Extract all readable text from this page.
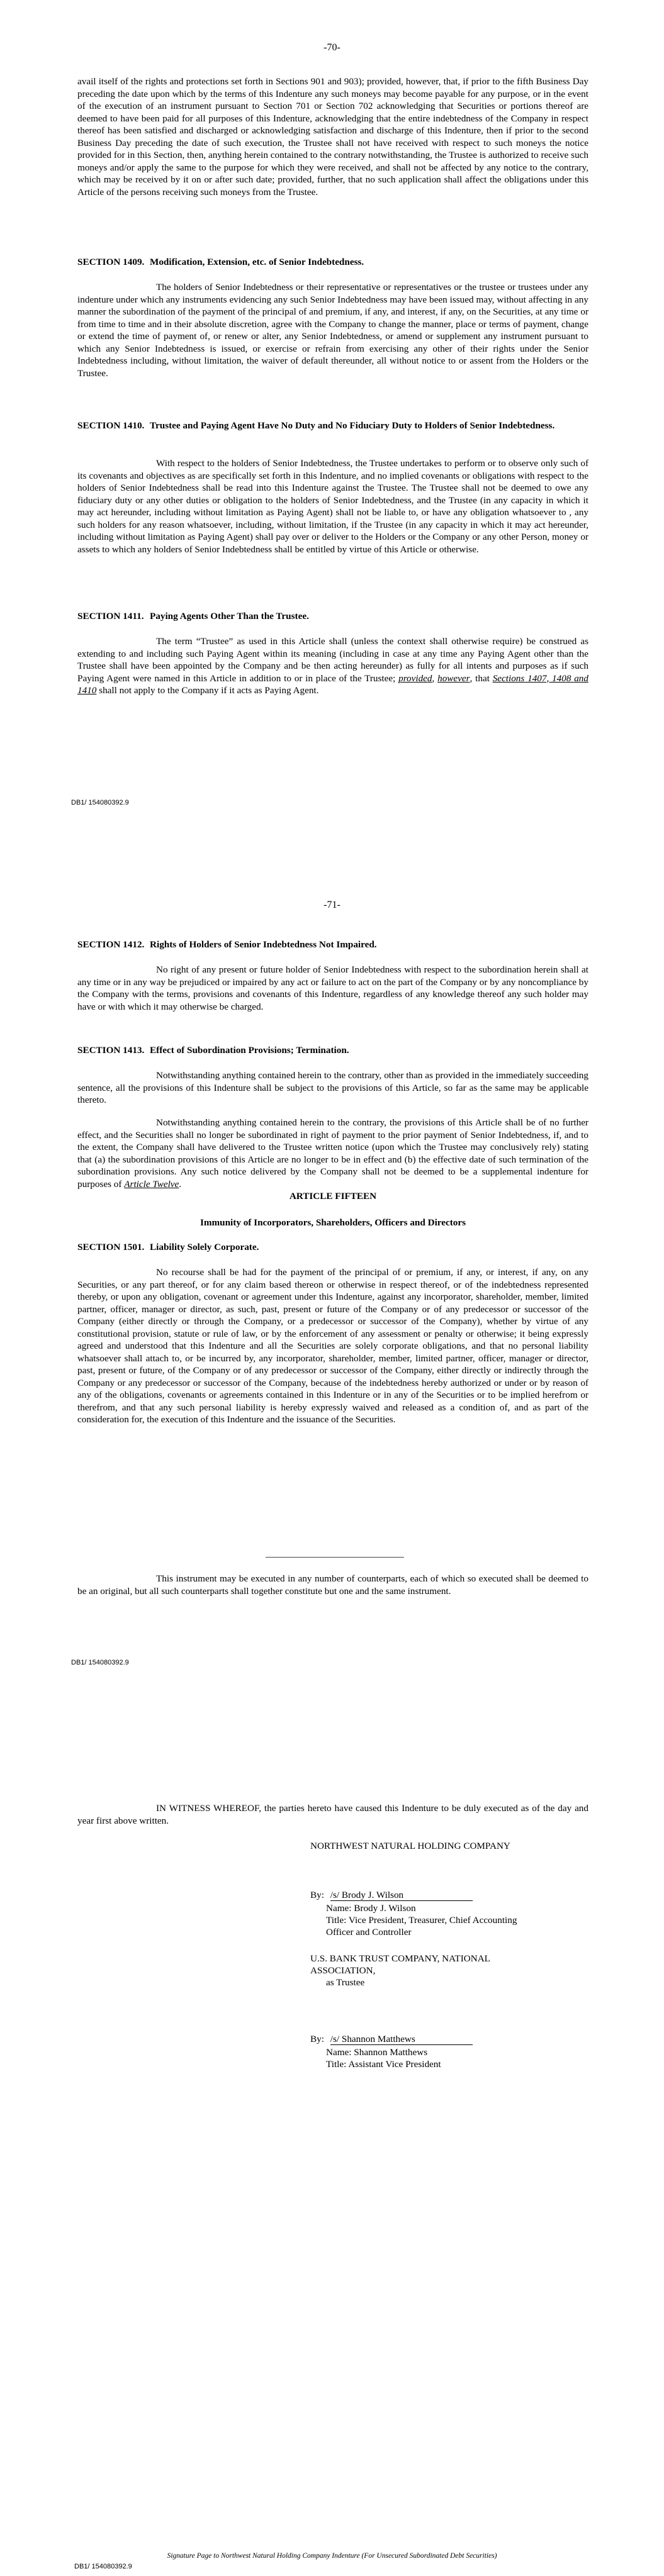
-70-

avail itself of the rights and protections set forth in Sections 901 and 903); provided, however, that, if prior to the fifth Business Day preceding the date upon which by the terms of this Indenture any such moneys may become payable for any purpose, or in the event of the execution of an instrument pursuant to Section 701 or Section 702 acknowledging that Securities or portions thereof are deemed to have been paid for all purposes of this Indenture, acknowledging that the entire indebtedness of the Company in respect thereof has been satisfied and discharged or acknowledging satisfaction and discharge of this Indenture, then if prior to the second Business Day preceding the date of such execution, the Trustee shall not have received with respect to such moneys the notice provided for in this Section, then, anything herein contained to the contrary notwithstanding, the Trustee is authorized to receive such moneys and/or apply the same to the purpose for which they were received, and shall not be affected by any notice to the contrary, which may be received by it on or after such date; provided, further, that no such application shall affect the obligations under this Article of the persons receiving such moneys from the Trustee.

SECTION 1409. Modification, Extension, etc. of Senior Indebtedness.

The holders of Senior Indebtedness or their representative or representatives or the trustee or trustees under any indenture under which any instruments evidencing any such Senior Indebtedness may have been issued may, without affecting in any manner the subordination of the payment of the principal of and premium, if any, and interest, if any, on the Securities, at any time or from time to time and in their absolute discretion, agree with the Company to change the manner, place or terms of payment, change or extend the time of payment of, or renew or alter, any Senior Indebtedness, or amend or supplement any instrument pursuant to which any Senior Indebtedness is issued, or exercise or refrain from exercising any other of their rights under the Senior Indebtedness including, without limitation, the waiver of default thereunder, all without notice to or assent from the Holders or the Trustee.

SECTION 1410. Trustee and Paying Agent Have No Duty and No Fiduciary Duty to Holders of Senior Indebtedness.

With respect to the holders of Senior Indebtedness, the Trustee undertakes to perform or to observe only such of its covenants and objectives as are specifically set forth in this Indenture, and no implied covenants or obligations with respect to the holders of Senior Indebtedness shall be read into this Indenture against the Trustee. The Trustee shall not be deemed to owe any fiduciary duty or any other duties or obligation to the holders of Senior Indebtedness, and the Trustee (in any capacity in which it may act hereunder, including without limitation as Paying Agent) shall not be liable to, or have any obligation whatsoever to , any such holders for any reason whatsoever, including, without limitation, if the Trustee (in any capacity in which it may act hereunder, including without limitation as Paying Agent) shall pay over or deliver to the Holders or the Company or any other Person, money or assets to which any holders of Senior Indebtedness shall be entitled by virtue of this Article or otherwise.

SECTION 1411. Paying Agents Other Than the Trustee.

The term “Trustee” as used in this Article shall (unless the context shall otherwise require) be construed as extending to and including such Paying Agent within its meaning (including in case at any time any Paying Agent other than the Trustee shall have been appointed by the Company and be then acting hereunder) as fully for all intents and purposes as if such Paying Agent were named in this Article in addition to or in place of the Trustee; provided, however, that Sections 1407, 1408 and 1410 shall not apply to the Company if it acts as Paying Agent.

DB1/ 154080392.9
-71-
SECTION 1412. Rights of Holders of Senior Indebtedness Not Impaired.

No right of any present or future holder of Senior Indebtedness with respect to the subordination herein shall at any time or in any way be prejudiced or impaired by any act or failure to act on the part of the Company or by any noncompliance by the Company with the terms, provisions and covenants of this Indenture, regardless of any knowledge thereof any such holder may have or with which it may otherwise be charged.

SECTION 1413. Effect of Subordination Provisions; Termination.

Notwithstanding anything contained herein to the contrary, other than as provided in the immediately succeeding sentence, all the provisions of this Indenture shall be subject to the provisions of this Article, so far as the same may be applicable thereto.

Notwithstanding anything contained herein to the contrary, the provisions of this Article shall be of no further effect, and the Securities shall no longer be subordinated in right of payment to the prior payment of Senior Indebtedness, if, and to the extent, the Company shall have delivered to the Trustee written notice (upon which the Trustee may conclusively rely) stating that (a) the subordination provisions of this Article are no longer to be in effect and (b) the effective date of such termination of the subordination provisions. Any such notice delivered by the Company shall not be deemed to be a supplemental indenture for purposes of Article Twelve.

ARTICLE FIFTEEN
Immunity of Incorporators, Shareholders, Officers and Directors
SECTION 1501. Liability Solely Corporate.

No recourse shall be had for the payment of the principal of or premium, if any, or interest, if any, on any Securities, or any part thereof, or for any claim based thereon or otherwise in respect thereof, or of the indebtedness represented thereby, or upon any obligation, covenant or agreement under this Indenture, against any incorporator, shareholder, member, limited partner, officer, manager or director, as such, past, present or future of the Company or of any predecessor or successor of the Company (either directly or through the Company, or a predecessor or successor of the Company), whether by virtue of any constitutional provision, statute or rule of law, or by the enforcement of any assessment or penalty or otherwise; it being expressly agreed and understood that this Indenture and all the Securities are solely corporate obligations, and that no personal liability whatsoever shall attach to, or be incurred by, any incorporator, shareholder, member, limited partner, officer, manager or director, past, present or future, of the Company or of any predecessor or successor of the Company, either directly or indirectly through the Company or any predecessor or successor of the Company, because of the indebtedness hereby authorized or under or by reason of any of the obligations, covenants or agreements contained in this Indenture or in any of the Securities or to be implied herefrom or therefrom, and that any such personal liability is hereby expressly waived and released as a condition of, and as part of the consideration for, the execution of this Indenture and the issuance of the Securities.

This instrument may be executed in any number of counterparts, each of which so executed shall be deemed to be an original, but all such counterparts shall together constitute but one and the same instrument.

DB1/ 154080392.9

IN WITNESS WHEREOF, the parties hereto have caused this Indenture to be duly executed as of the day and year first above written.

NORTHWEST NATURAL HOLDING COMPANY
By: /s/ Brody J. Wilson
Name: Brody J. Wilson
Title: Vice President, Treasurer, Chief Accounting
Officer and Controller
U.S. BANK TRUST COMPANY, NATIONAL
ASSOCIATION,
as Trustee
By: /s/ Shannon Matthews
Name: Shannon Matthews
Title: Assistant Vice President
Signature Page to Northwest Natural Holding Company Indenture (For Unsecured Subordinated Debt Securities)
DB1/ 154080392.9
